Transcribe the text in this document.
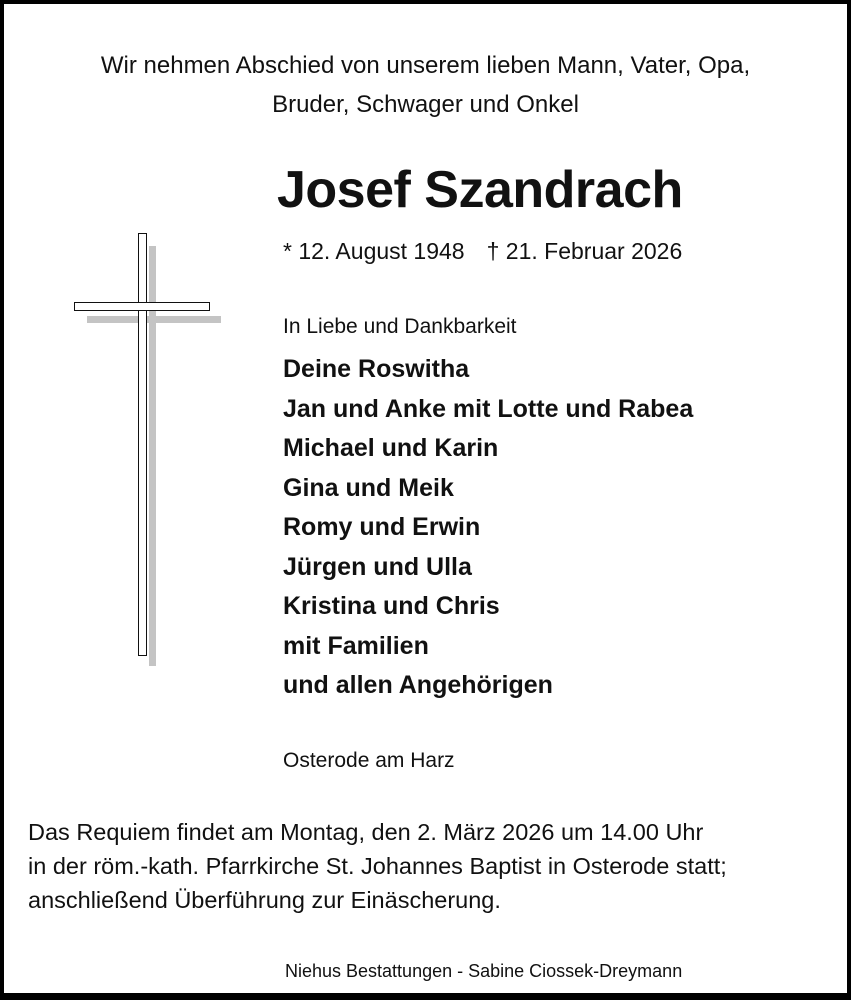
Wir nehmen Abschied von unserem lieben Mann, Vater, Opa,
Bruder, Schwager und Onkel
Josef Szandrach
* 12. August 1948 † 21. Februar 2026
In Liebe und Dankbarkeit
Deine Roswitha
Jan und Anke mit Lotte und Rabea
Michael und Karin
Gina und Meik
Romy und Erwin
Jürgen und Ulla
Kristina und Chris
mit Familien
und allen Angehörigen
Osterode am Harz
Das Requiem findet am Montag, den 2. März 2026 um 14.00 Uhr
in der röm.-kath. Pfarrkirche St. Johannes Baptist in Osterode statt;
anschließend Überführung zur Einäscherung.
Niehus Bestattungen - Sabine Ciossek-Dreymann
